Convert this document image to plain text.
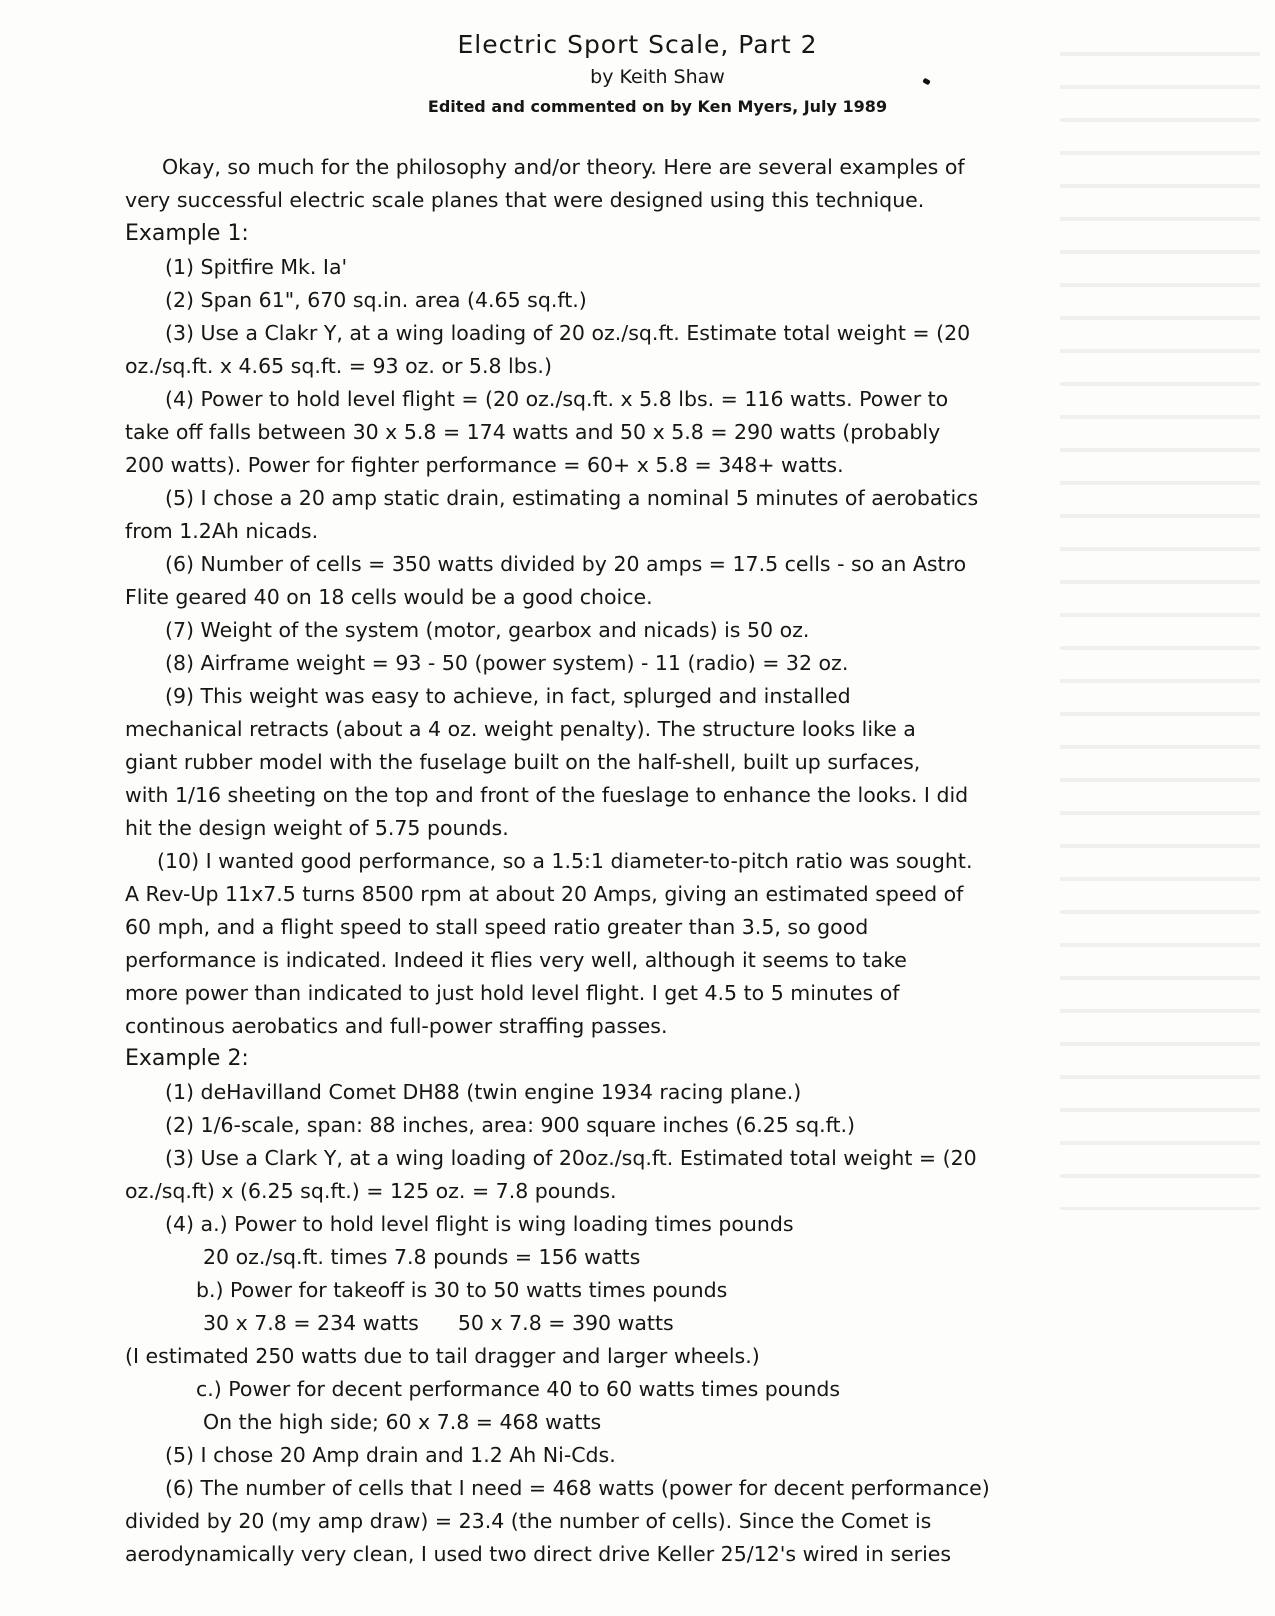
Electric Sport Scale, Part 2
by Keith Shaw
Edited and commented on by Ken Myers, July 1989
Okay, so much for the philosophy and/or theory. Here are several examples of
very successful electric scale planes that were designed using this technique.
Example 1:
(1) Spitfire Mk. Ia'
(2) Span 61", 670 sq.in. area (4.65 sq.ft.)
(3) Use a Clakr Y, at a wing loading of 20 oz./sq.ft. Estimate total weight = (20
oz./sq.ft. x 4.65 sq.ft. = 93 oz. or 5.8 lbs.)
(4) Power to hold level flight = (20 oz./sq.ft. x 5.8 lbs. = 116 watts. Power to
take off falls between 30 x 5.8 = 174 watts and 50 x 5.8 = 290 watts (probably
200 watts). Power for fighter performance = 60+ x 5.8 = 348+ watts.
(5) I chose a 20 amp static drain, estimating a nominal 5 minutes of aerobatics
from 1.2Ah nicads.
(6) Number of cells = 350 watts divided by 20 amps = 17.5 cells - so an Astro
Flite geared 40 on 18 cells would be a good choice.
(7) Weight of the system (motor, gearbox and nicads) is 50 oz.
(8) Airframe weight = 93 - 50 (power system) - 11 (radio) = 32 oz.
(9) This weight was easy to achieve, in fact, splurged and installed
mechanical retracts (about a 4 oz. weight penalty). The structure looks like a
giant rubber model with the fuselage built on the half-shell, built up surfaces,
with 1/16 sheeting on the top and front of the fueslage to enhance the looks. I did
hit the design weight of 5.75 pounds.
(10) I wanted good performance, so a 1.5:1 diameter-to-pitch ratio was sought.
A Rev-Up 11x7.5 turns 8500 rpm at about 20 Amps, giving an estimated speed of
60 mph, and a flight speed to stall speed ratio greater than 3.5, so good
performance is indicated. Indeed it flies very well, although it seems to take
more power than indicated to just hold level flight. I get 4.5 to 5 minutes of
continous aerobatics and full-power straffing passes.
Example 2:
(1) deHavilland Comet DH88 (twin engine 1934 racing plane.)
(2) 1/6-scale, span: 88 inches, area: 900 square inches (6.25 sq.ft.)
(3) Use a Clark Y, at a wing loading of 20oz./sq.ft. Estimated total weight = (20
oz./sq.ft) x (6.25 sq.ft.) = 125 oz. = 7.8 pounds.
(4) a.) Power to hold level flight is wing loading times pounds
20 oz./sq.ft. times 7.8 pounds = 156 watts
b.) Power for takeoff is 30 to 50 watts times pounds
30 x 7.8 = 234 watts      50 x 7.8 = 390 watts
(I estimated 250 watts due to tail dragger and larger wheels.)
c.) Power for decent performance 40 to 60 watts times pounds
On the high side; 60 x 7.8 = 468 watts
(5) I chose 20 Amp drain and 1.2 Ah Ni-Cds.
(6) The number of cells that I need = 468 watts (power for decent performance)
divided by 20 (my amp draw) = 23.4 (the number of cells). Since the Comet is
aerodynamically very clean, I used two direct drive Keller 25/12's wired in series
